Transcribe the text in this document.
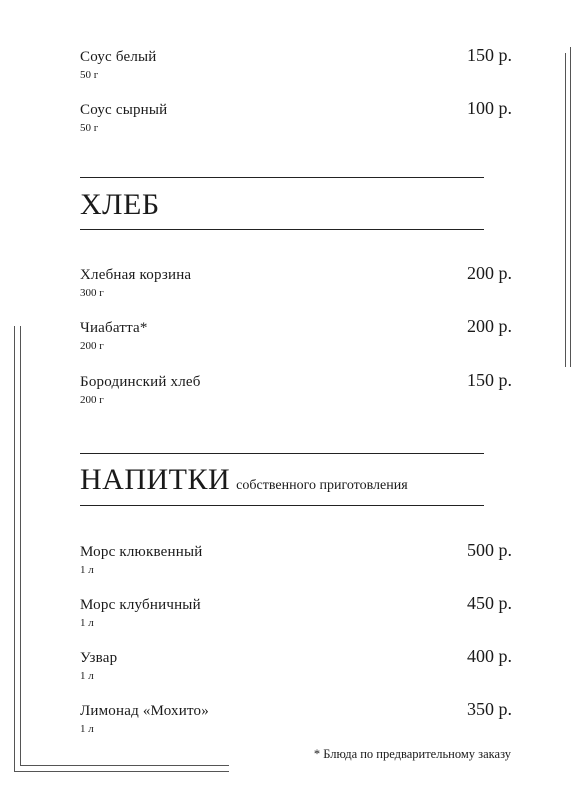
Соус белый
50 г
150 р.
Соус сырный
50 г
100 р.
ХЛЕБ
Хлебная корзина
300 г
200 р.
Чиабатта*
200 г
200 р.
Бородинский хлеб
200 г
150 р.
НАПИТКИ собственного приготовления
Морс клюквенный
1 л
500 р.
Морс клубничный
1 л
450 р.
Узвар
1 л
400 р.
Лимонад «Мохито»
1 л
350 р.
* Блюда по предварительному заказу
